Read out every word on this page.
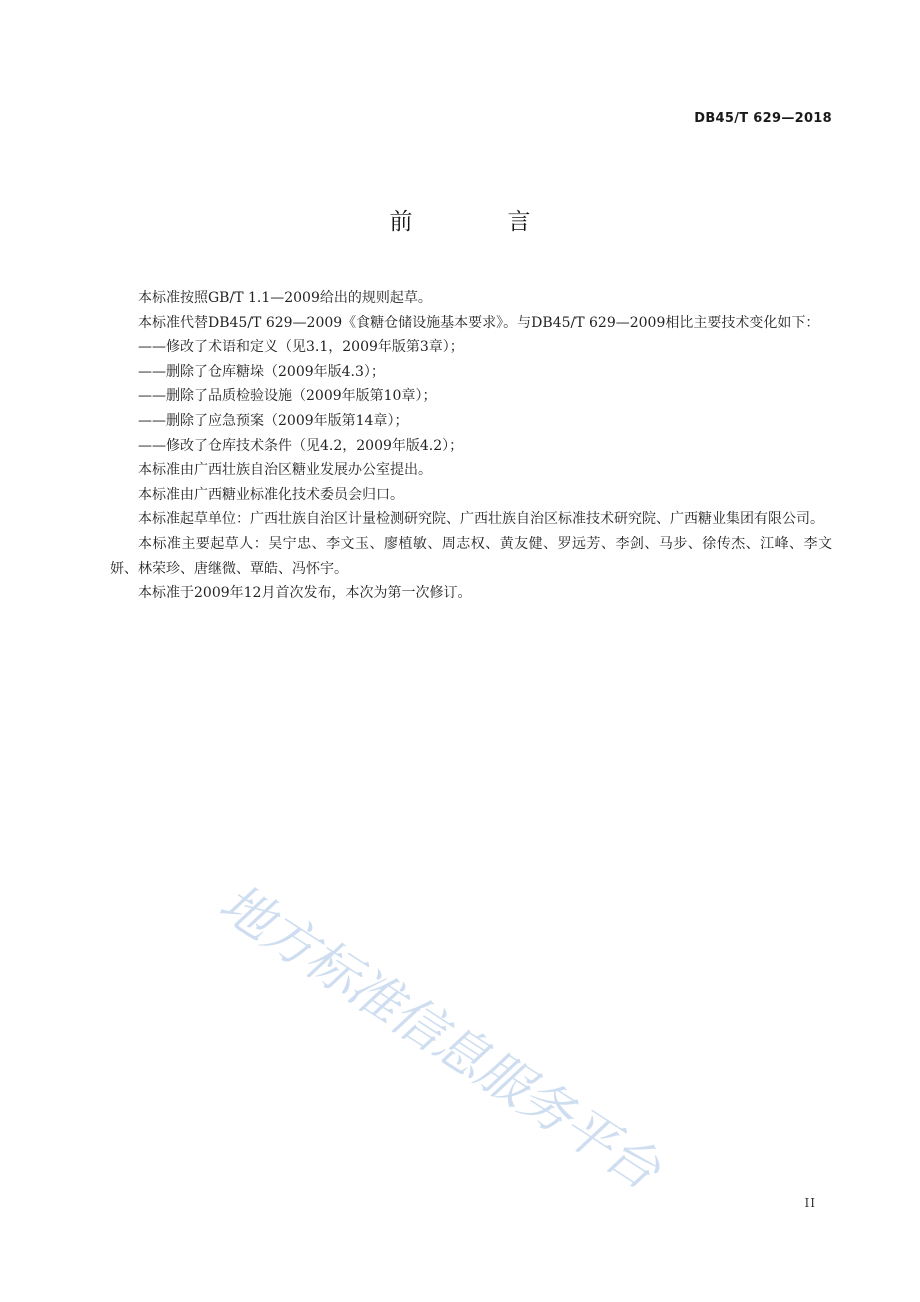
DB45/T 629—2018
前　言

本标准按照GB/T 1.1—2009给出的规则起草。

本标准代替DB45/T 629—2009《食糖仓储设施基本要求》。与DB45/T 629—2009相比主要技术变化如下：

——修改了术语和定义（见3.1，2009年版第3章）；

——删除了仓库糖垛（2009年版4.3）；

——删除了品质检验设施（2009年版第10章）；

——删除了应急预案（2009年版第14章）；

——修改了仓库技术条件（见4.2，2009年版4.2）；

本标准由广西壮族自治区糖业发展办公室提出。

本标准由广西糖业标准化技术委员会归口。

本标准起草单位：广西壮族自治区计量检测研究院、广西壮族自治区标准技术研究院、广西糖业集团有限公司。

本标准主要起草人：吴宁忠、李文玉、廖植敏、周志权、黄友健、罗远芳、李剑、马步、徐传杰、江峰、李文妍、林荣珍、唐继微、覃皓、冯怀宇。

本标准于2009年12月首次发布，本次为第一次修订。

地方标准信息服务平台
II
